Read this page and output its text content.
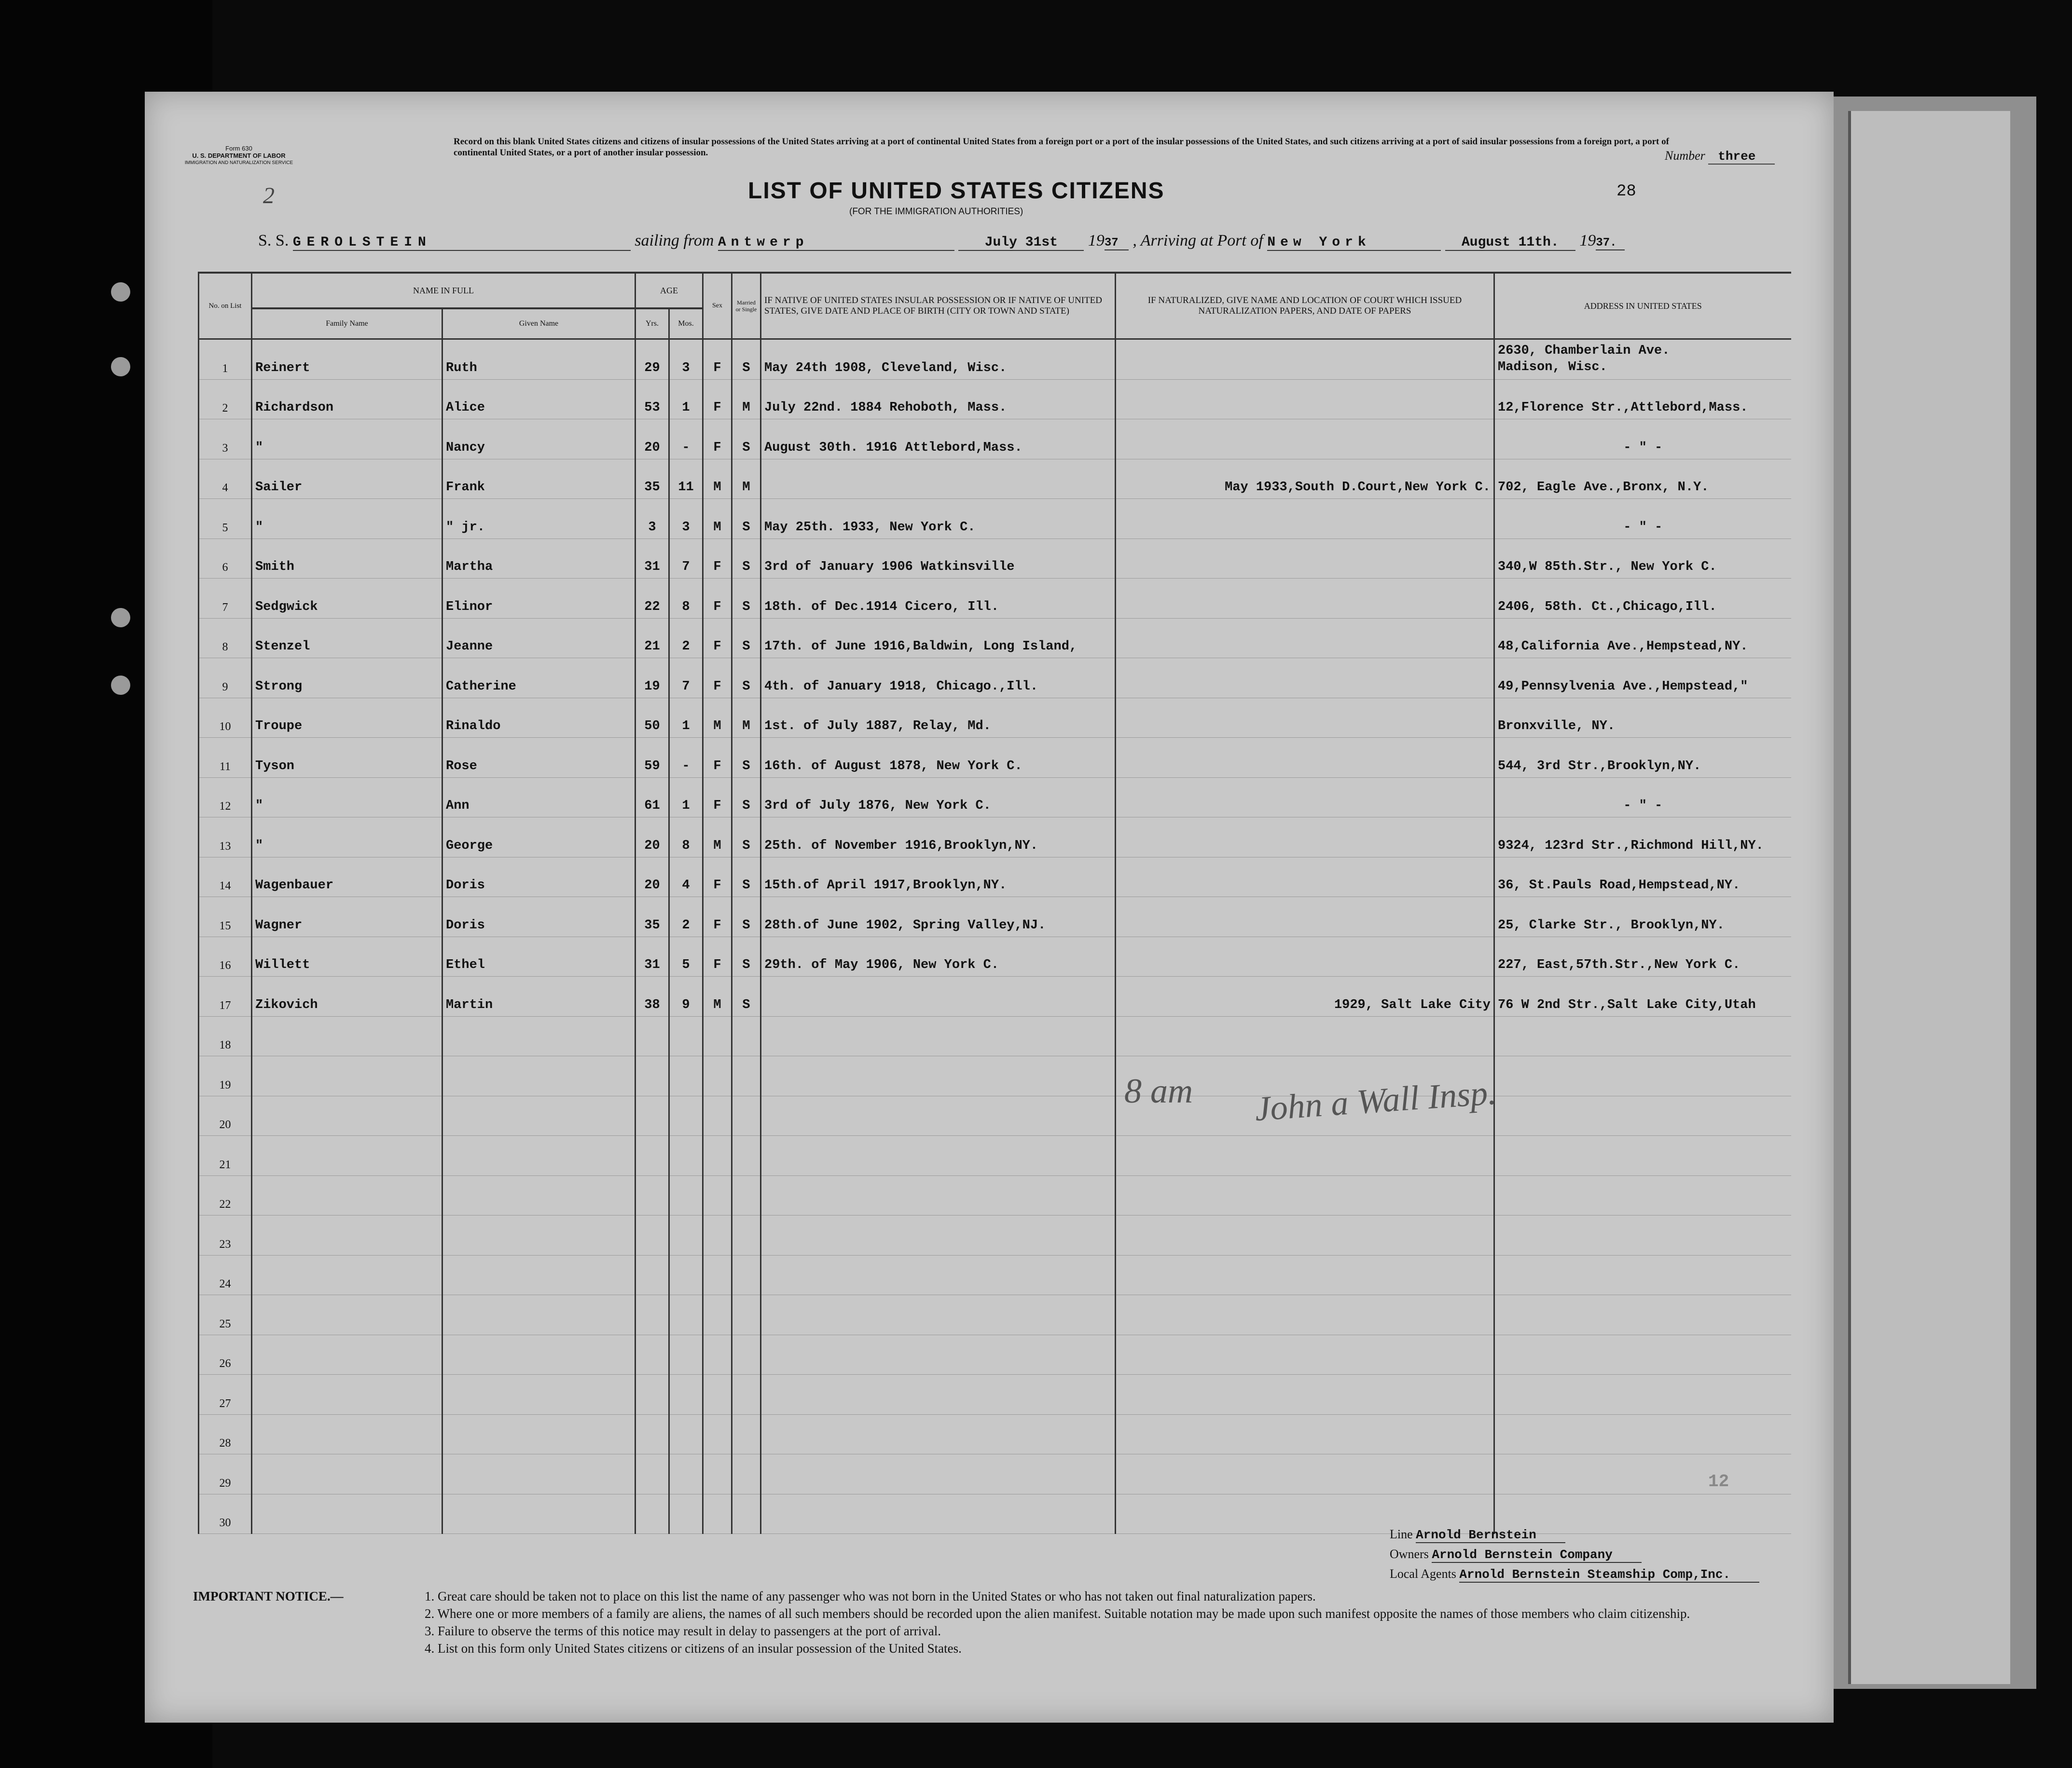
Form 630
U. S. DEPARTMENT OF LABOR
IMMIGRATION AND NATURALIZATION SERVICE
Record on this blank United States citizens and citizens of insular possessions of the United States arriving at a port of continental United States from a foreign port or a port of the insular possessions of the United States, and such citizens arriving at a port of said insular possessions from a foreign port, a port of continental United States, or a port of another insular possession.	Number three
2	LIST OF UNITED STATES CITIZENS
(FOR THE IMMIGRATION AUTHORITIES)
28
S. S. GEROLSTEIN	sailing from Antwerp	July 31st 1937 , Arriving at Port of New York	August 11th. 1937.
No. on List	NAME IN FULL		AGE		Sex	Married or Single	IF NATIVE OF UNITED STATES INSULAR POSSESSION OR IF NATIVE OF UNITED STATES, GIVE DATE AND PLACE OF BIRTH (CITY OR TOWN AND STATE)	IF NATURALIZED, GIVE NAME AND LOCATION OF COURT WHICH ISSUED NATURALIZATION PAPERS, AND DATE OF PAPERS	ADDRESS IN UNITED STATES
	Family Name	Given Name	Yrs.	Mos.					
1	Reinert	Ruth	29	3	F	S	May 24th 1908, Cleveland, Wisc.		2630, Chamberlain Ave.
Madison, Wisc.

2	Richardson	Alice	53	1	F	M	July 22nd. 1884 Rehoboth, Mass.		12,Florence Str.,Attlebord,Mass.
3	"	Nancy	20	-	F	S	August 30th. 1916 Attlebord,Mass.		- " -
4	Sailer	Frank	35	11	M	M		May 1933,South D.Court,New York C.	702, Eagle Ave.,Bronx, N.Y.
5	"	" jr.	3	3	M	S	May 25th. 1933, New York C.		- " -
6	Smith	Martha	31	7	F	S	3rd of January 1906 Watkinsville		340,W 85th.Str., New York C.
7	Sedgwick	Elinor	22	8	F	S	18th. of Dec.1914 Cicero, Ill.		2406, 58th. Ct.,Chicago,Ill.
8	Stenzel	Jeanne	21	2	F	S	17th. of June 1916,Baldwin, Long Island,		48,California Ave.,Hempstead,NY.
9	Strong	Catherine	19	7	F	S	4th. of January 1918, Chicago.,Ill.		49,Pennsylvenia Ave.,Hempstead,"
10	Troupe	Rinaldo	50	1	M	M	1st. of July 1887, Relay, Md.		Bronxville, NY.
11	Tyson	Rose	59	-	F	S	16th. of August 1878, New York C.		544, 3rd Str.,Brooklyn,NY.
12	"	Ann	61	1	F	S	3rd of July 1876, New York C.		- " -
13	"	George	20	8	M	S	25th. of November 1916,Brooklyn,NY.		9324, 123rd Str.,Richmond Hill,NY.
14	Wagenbauer	Doris	20	4	F	S	15th.of April 1917,Brooklyn,NY.		36, St.Pauls Road,Hempstead,NY.
15	Wagner	Doris	35	2	F	S	28th.of June 1902, Spring Valley,NJ.		25, Clarke Str., Brooklyn,NY.
16	Willett	Ethel	31	5	F	S	29th. of May 1906, New York C.		227, East,57th.Str.,New York C.
17	Zikovich	Martin	38	9	M	S		1929, Salt Lake City	76 W 2nd Str.,Salt Lake City,Utah
18									
19									
20									
21									
22									
23									
24									
25									
26									
27									
28									
29									
30									
8 am John a Wall Insp.
12
Line Arnold Bernstein
Owners Arnold Bernstein Company
Local Agents Arnold Bernstein Steamship Comp,Inc.
IMPORTANT NOTICE.—	1. Great care should be taken not to place on this list the name of any passenger who was not born in the United States or who has not taken out final naturalization papers.
2. Where one or more members of a family are aliens, the names of all such members should be recorded upon the alien manifest. Suitable notation may be made upon such manifest opposite the names of those members who claim citizenship.
3. Failure to observe the terms of this notice may result in delay to passengers at the port of arrival.
4. List on this form only United States citizens or citizens of an insular possession of the United States.
